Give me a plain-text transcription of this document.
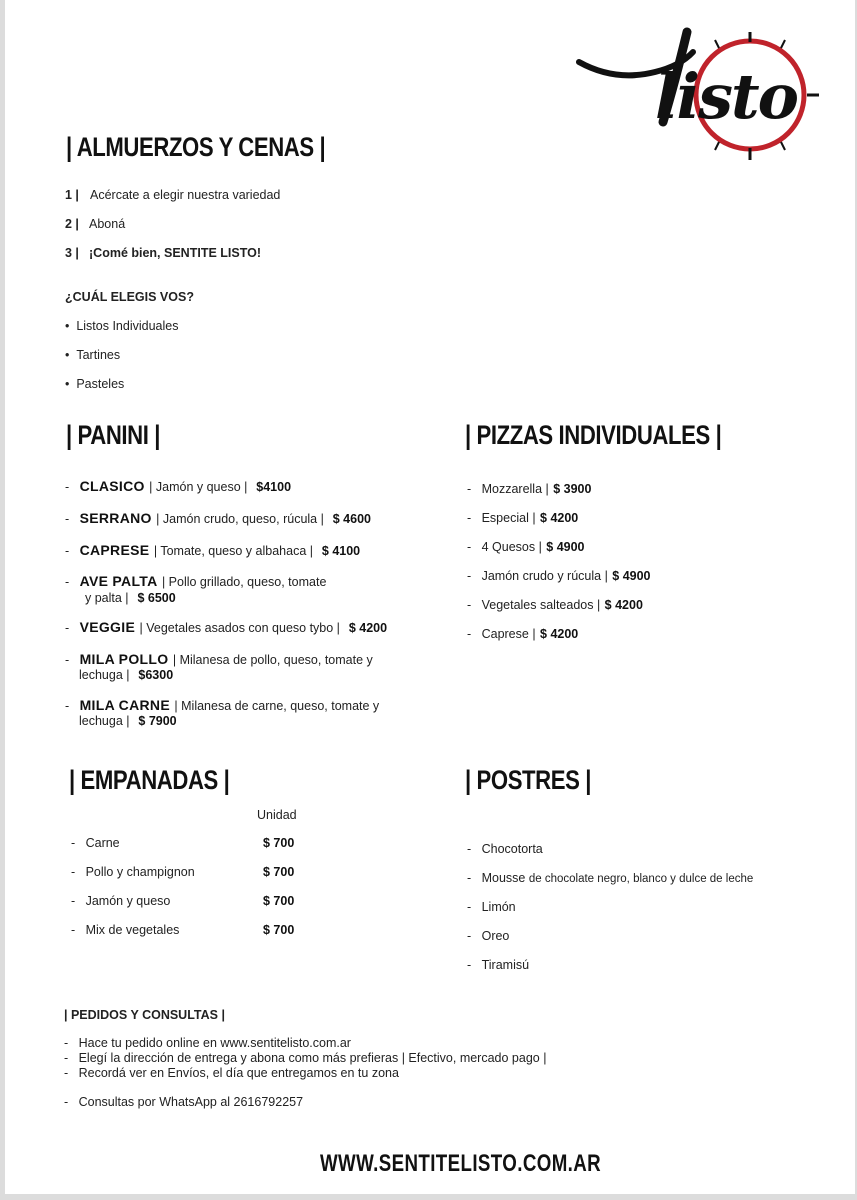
COME BIEN, SENTITE...
listo
| ALMUERZOS Y CENAS |
1 | Acércate a elegir nuestra variedad
2 | Aboná
3 | ¡Comé bien, SENTITE LISTO!
¿CUÁL ELEGIS VOS?
•  Listos Individuales
•  Tartines
•  Pasteles
| PANINI |
-   CLASICO | Jamón y queso | $4100
-   SERRANO | Jamón crudo, queso, rúcula | $ 4600
-   CAPRESE | Tomate, queso y albahaca | $ 4100
-   AVE PALTA | Pollo grillado, queso, tomate
y palta | $ 6500
-   VEGGIE | Vegetales asados con queso tybo | $ 4200
-   MILA POLLO | Milanesa de pollo, queso, tomate y
lechuga | $6300
-   MILA CARNE | Milanesa de carne, queso, tomate y
lechuga | $ 7900
| PIZZAS INDIVIDUALES |
-   Mozzarella | $ 3900
-   Especial | $ 4200
-   4 Quesos | $ 4900
-   Jamón crudo y rúcula | $ 4900
-   Vegetales salteados | $ 4200
-   Caprese | $ 4200
| EMPANADAS |
Unidad
-   Carne	$ 700
-   Pollo y champignon	$ 700
-   Jamón y queso	$ 700
-   Mix de vegetales	$ 700
| POSTRES |
-   Chocotorta
-   Mousse de chocolate negro, blanco y dulce de leche
-   Limón
-   Oreo
-   Tiramisú
| PEDIDOS Y CONSULTAS |
-   Hace tu pedido online en www.sentitelisto.com.ar
-   Elegí la dirección de entrega y abona como más prefieras | Efectivo, mercado pago |
-   Recordá ver en Envíos, el día que entregamos en tu zona
-   Consultas por WhatsApp al 2616792257
WWW.SENTITELISTO.COM.AR
